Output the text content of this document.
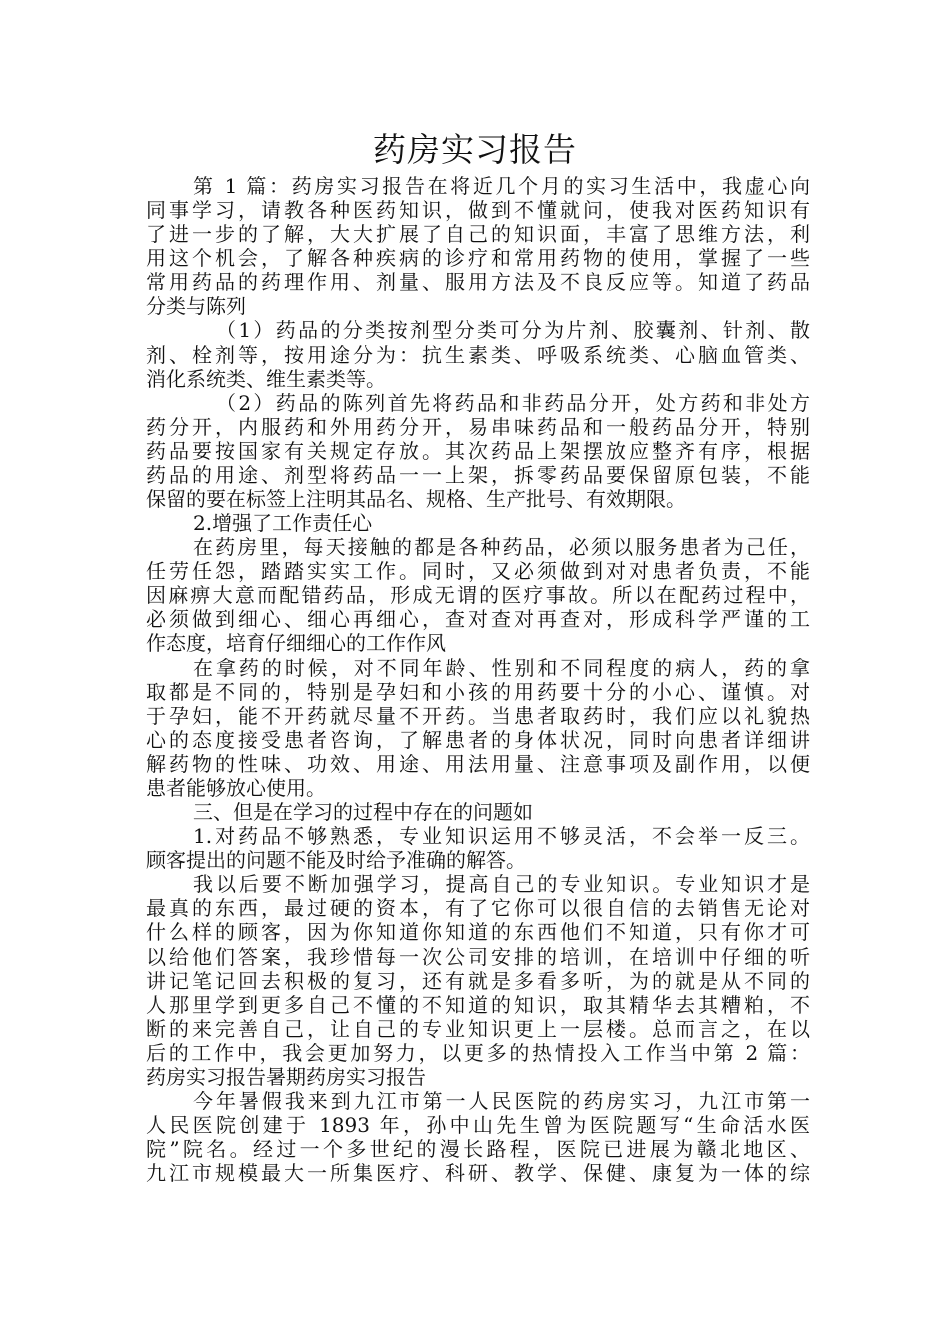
药房实习报告
第 1 篇：药房实习报告在将近几个月的实习生活中，我虚心向
同事学习，请教各种医药知识，做到不懂就问，使我对医药知识有
了进一步的了解，大大扩展了自己的知识面，丰富了思维方法，利
用这个机会，了解各种疾病的诊疗和常用药物的使用，掌握了一些
常用药品的药理作用、剂量、服用方法及不良反应等。知道了药品
分类与陈列
（1）药品的分类按剂型分类可分为片剂、胶囊剂、针剂、散
剂、栓剂等，按用途分为：抗生素类、呼吸系统类、心脑血管类、
消化系统类、维生素类等。
（2）药品的陈列首先将药品和非药品分开，处方药和非处方
药分开，内服药和外用药分开，易串味药品和一般药品分开，特别
药品要按国家有关规定存放。其次药品上架摆放应整齐有序，根据
药品的用途、剂型将药品一一上架，拆零药品要保留原包装，不能
保留的要在标签上注明其品名、规格、生产批号、有效期限。
2.增强了工作责任心
在药房里，每天接触的都是各种药品，必须以服务患者为己任，
任劳任怨，踏踏实实工作。同时，又必须做到对对患者负责，不能
因麻痹大意而配错药品，形成无谓的医疗事故。所以在配药过程中，
必须做到细心、细心再细心，查对查对再查对，形成科学严谨的工
作态度，培育仔细细心的工作作风
在拿药的时候，对不同年龄、性别和不同程度的病人，药的拿
取都是不同的，特别是孕妇和小孩的用药要十分的小心、谨慎。对
于孕妇，能不开药就尽量不开药。当患者取药时，我们应以礼貌热
心的态度接受患者咨询，了解患者的身体状况，同时向患者详细讲
解药物的性味、功效、用途、用法用量、注意事项及副作用，以便
患者能够放心使用。
三、但是在学习的过程中存在的问题如
1.对药品不够熟悉，专业知识运用不够灵活，不会举一反三。
顾客提出的问题不能及时给予准确的解答。
我以后要不断加强学习，提高自己的专业知识。专业知识才是
最真的东西，最过硬的资本，有了它你可以很自信的去销售无论对
什么样的顾客，因为你知道你知道的东西他们不知道，只有你才可
以给他们答案，我珍惜每一次公司安排的培训，在培训中仔细的听
讲记笔记回去积极的复习，还有就是多看多听，为的就是从不同的
人那里学到更多自己不懂的不知道的知识，取其精华去其糟粕，不
断的来完善自己，让自己的专业知识更上一层楼。总而言之，在以
后的工作中，我会更加努力，以更多的热情投入工作当中第 2 篇：
药房实习报告暑期药房实习报告
今年暑假我来到九江市第一人民医院的药房实习，九江市第一
人民医院创建于 1893 年，孙中山先生曾为医院题写“生命活水医
院”院名。经过一个多世纪的漫长路程，医院已进展为赣北地区、
九江市规模最大一所集医疗、科研、教学、保健、康复为一体的综
